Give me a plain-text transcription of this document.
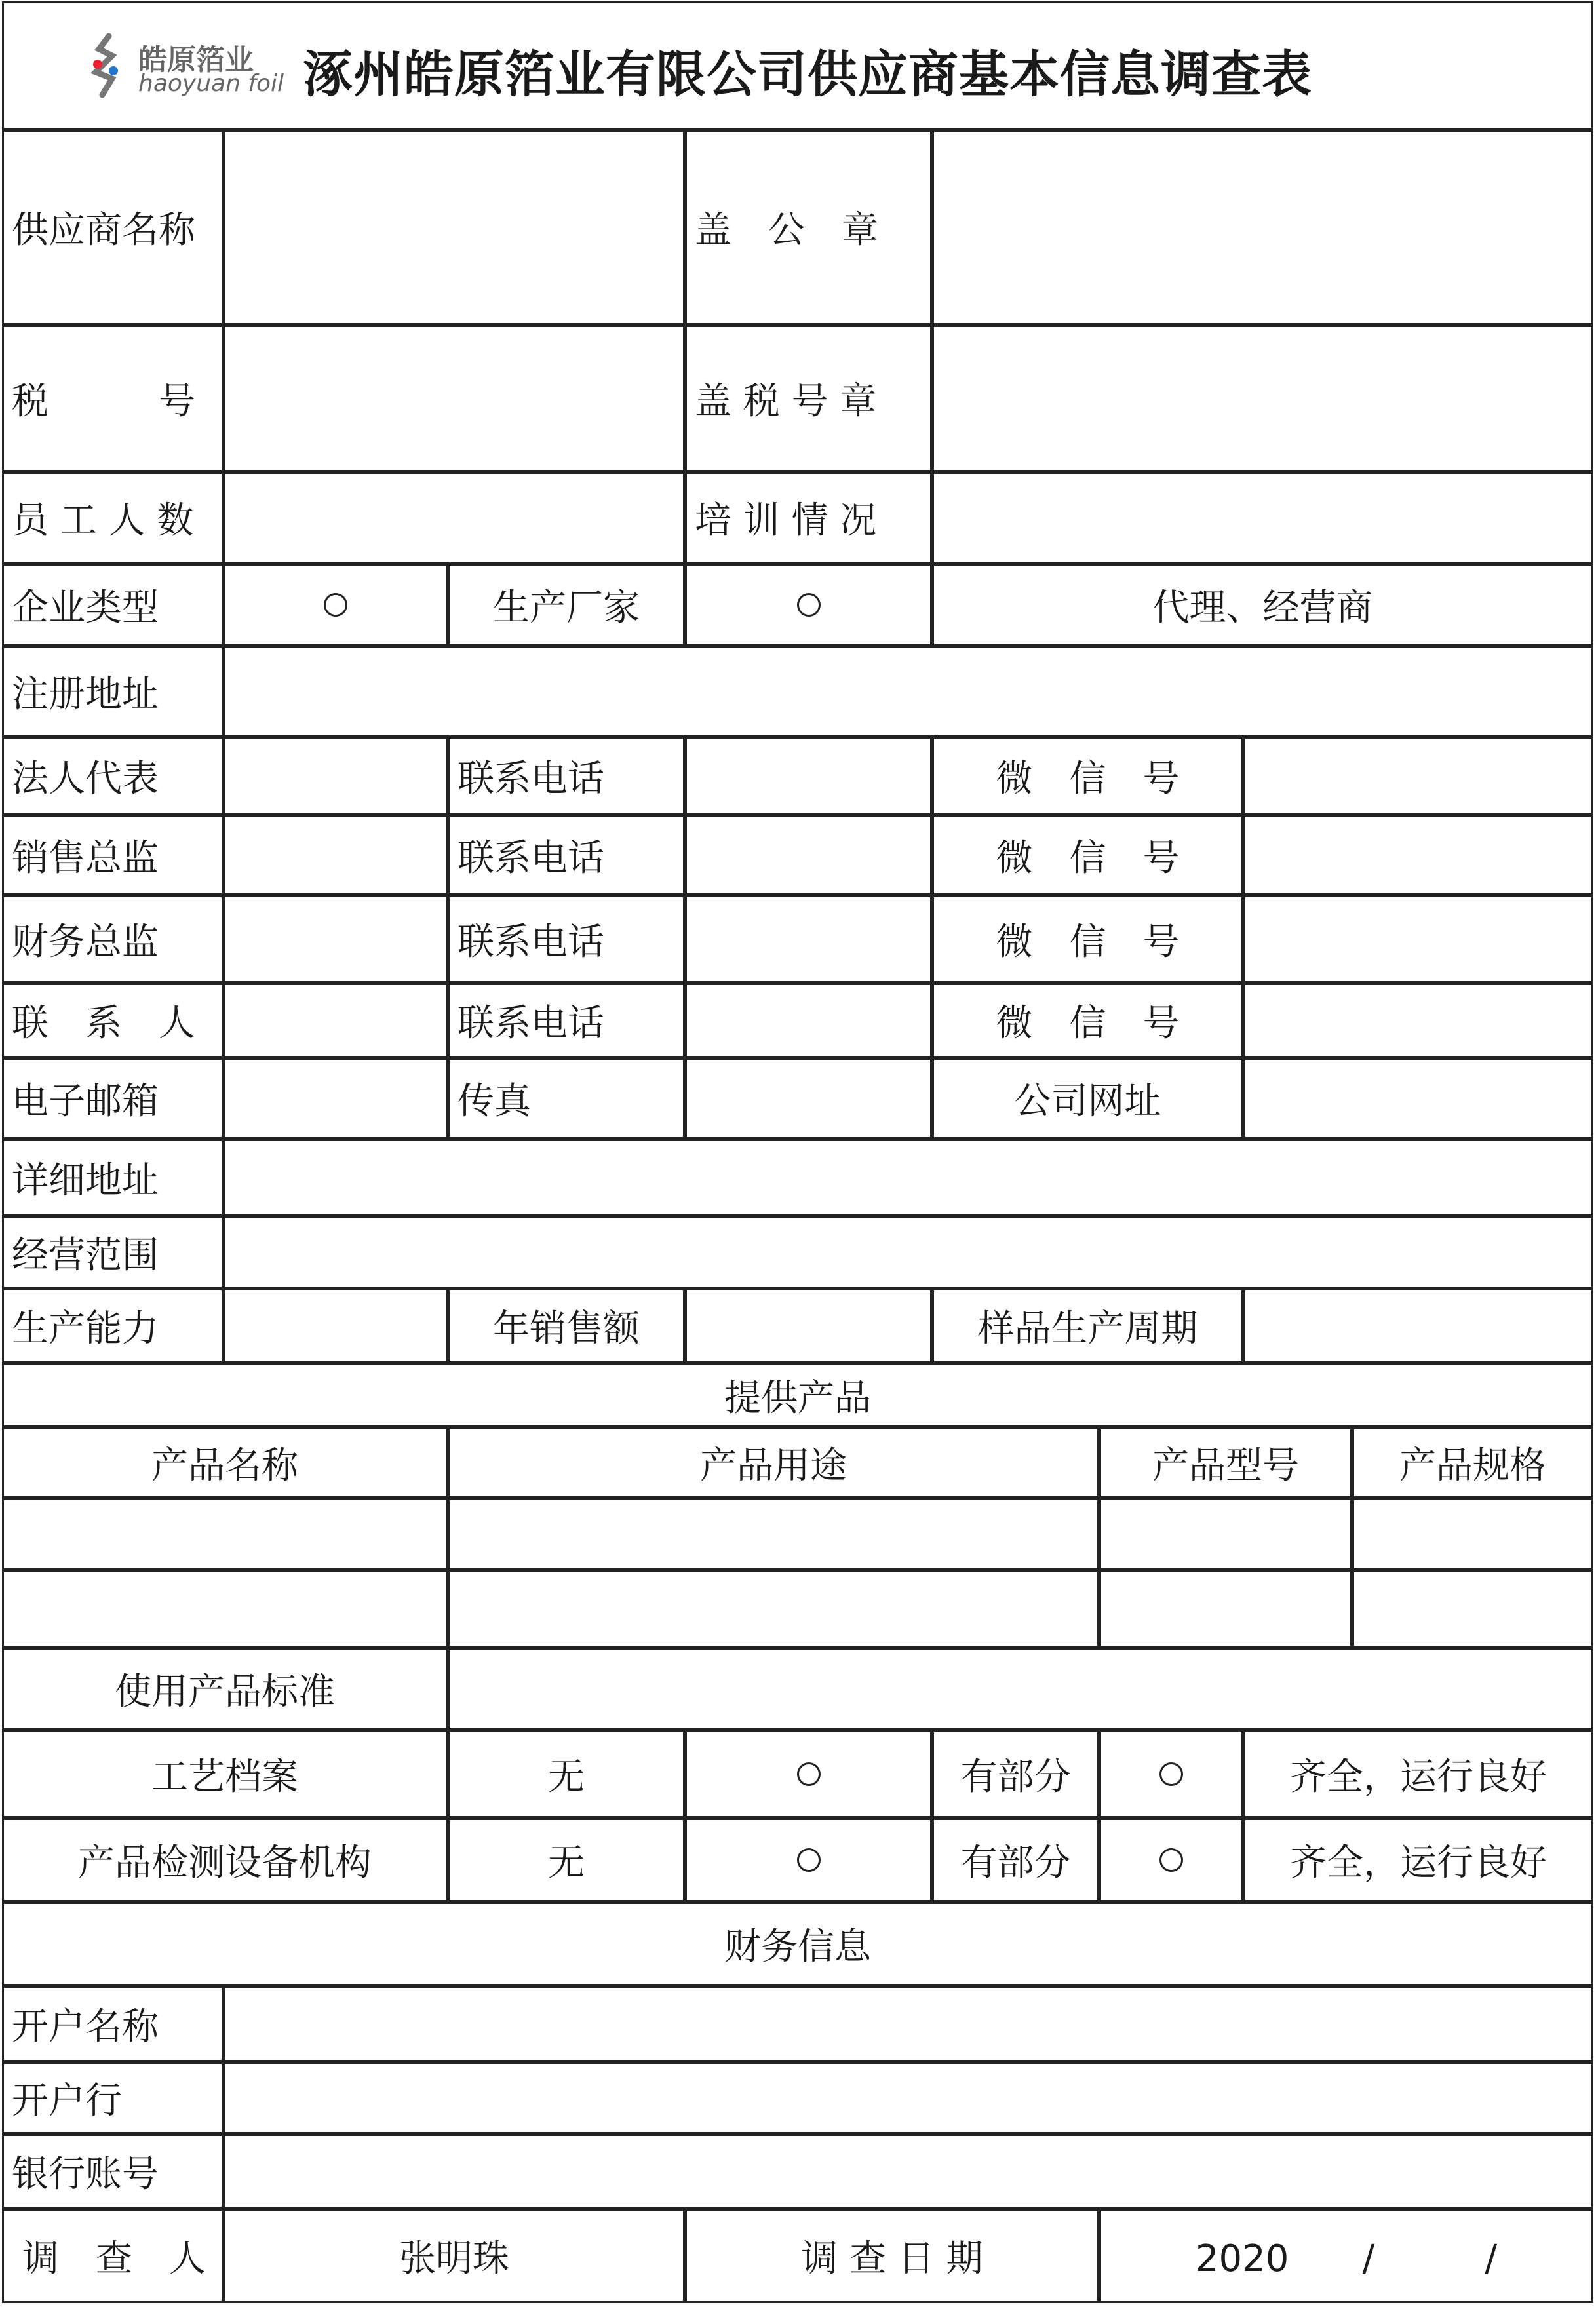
皓原箔业
haoyuan foil 涿州皓原箔业有限公司供应商基本信息调查表
供应商名称	盖　公　章
税　　　号	盖 税 号 章
员 工 人 数	培 训 情 况
企业类型	生产厂家	代理、经营商
注册地址
法人代表	联系电话	微　信　号
销售总监	联系电话	微　信　号
财务总监	联系电话	微　信　号
联　系　人	联系电话	微　信　号
电子邮箱	传真	公司网址
详细地址
经营范围
生产能力	年销售额	样品生产周期
提供产品
产品名称	产品用途	产品型号	产品规格
使用产品标准
工艺档案	无	有部分	齐全，运行良好
产品检测设备机构	无	有部分	齐全，运行良好
财务信息
开户名称
开户行
银行账号
调　查　人	张明珠	调 查 日 期	2020　　/　　　/
